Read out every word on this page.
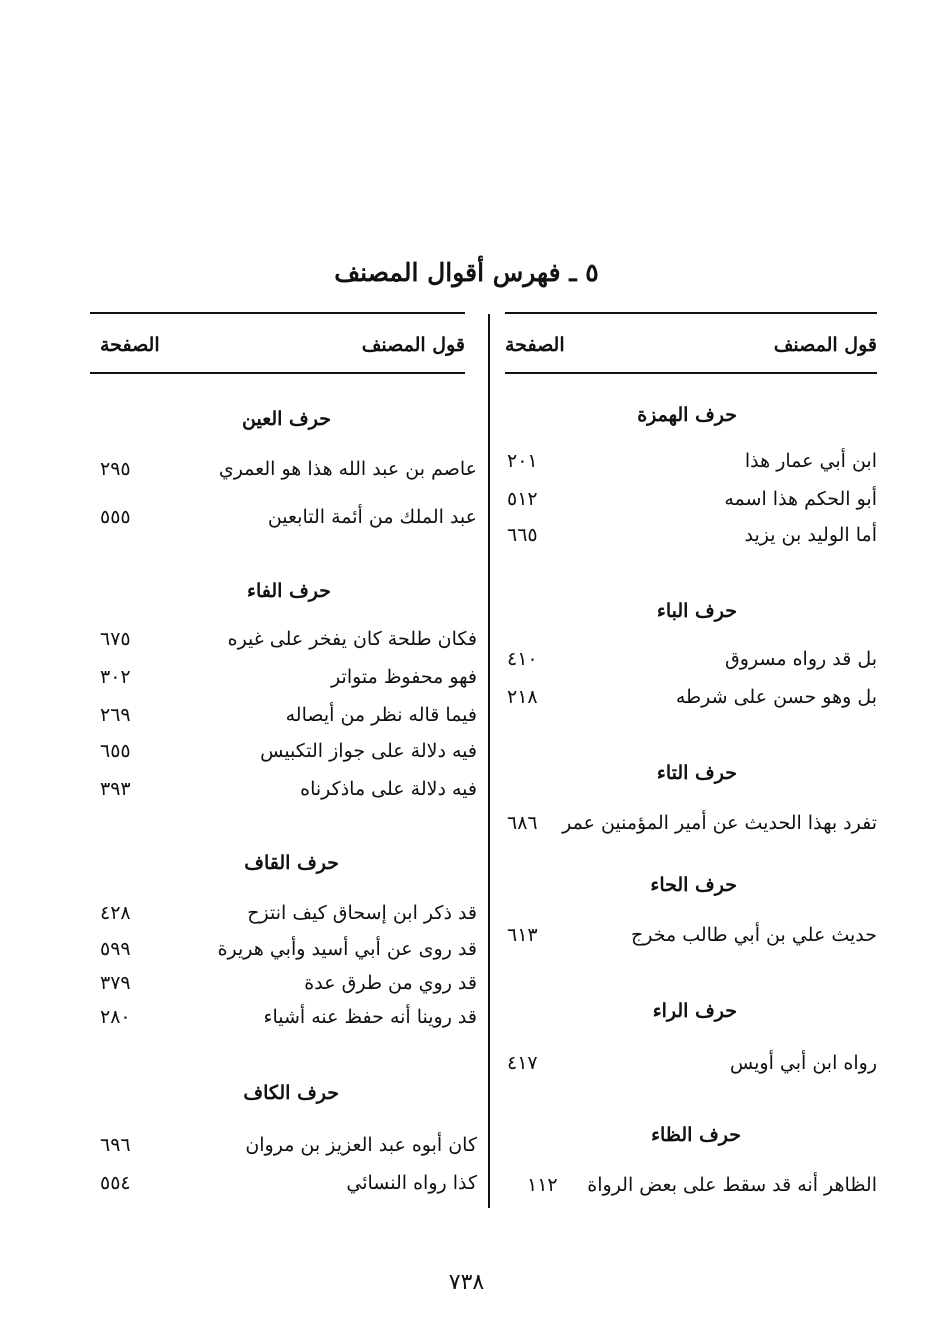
٥ ـ فهرس أقوال المصنف
قول المصنف
الصفحة
حرف الهمزة
ابن أبي عمار هذا
٢٠١
أبو الحكم هذا اسمه
٥١٢
أما الوليد بن يزيد
٦٦٥
حرف الباء
بل قد رواه مسروق
٤١٠
بل وهو حسن على شرطه
٢١٨
حرف التاء
تفرد بهذا الحديث عن أمير المؤمنين عمر
٦٨٦
حرف الحاء
حديث علي بن أبي طالب مخرج
٦١٣
حرف الراء
رواه ابن أبي أويس
٤١٧
حرف الظاء
الظاهر أنه قد سقط على بعض الرواة
١١٢
قول المصنف
الصفحة
حرف العين
عاصم بن عبد الله هذا هو العمري
٢٩٥
عبد الملك من أئمة التابعين
٥٥٥
حرف الفاء
فكان طلحة كان يفخر على غيره
٦٧٥
فهو محفوظ متواتر
٣٠٢
فيما قاله نظر من أيصاله
٢٦٩
فيه دلالة على جواز التكبيس
٦٥٥
فيه دلالة على ماذكرناه
٣٩٣
حرف القاف
قد ذكر ابن إسحاق كيف انتزح
٤٢٨
قد روى عن أبي أسيد وأبي هريرة
٥٩٩
قد روي من طرق عدة
٣٧٩
قد روينا أنه حفظ عنه أشياء
٢٨٠
حرف الكاف
كان أبوه عبد العزيز بن مروان
٦٩٦
كذا رواه النسائي
٥٥٤
٧٣٨
